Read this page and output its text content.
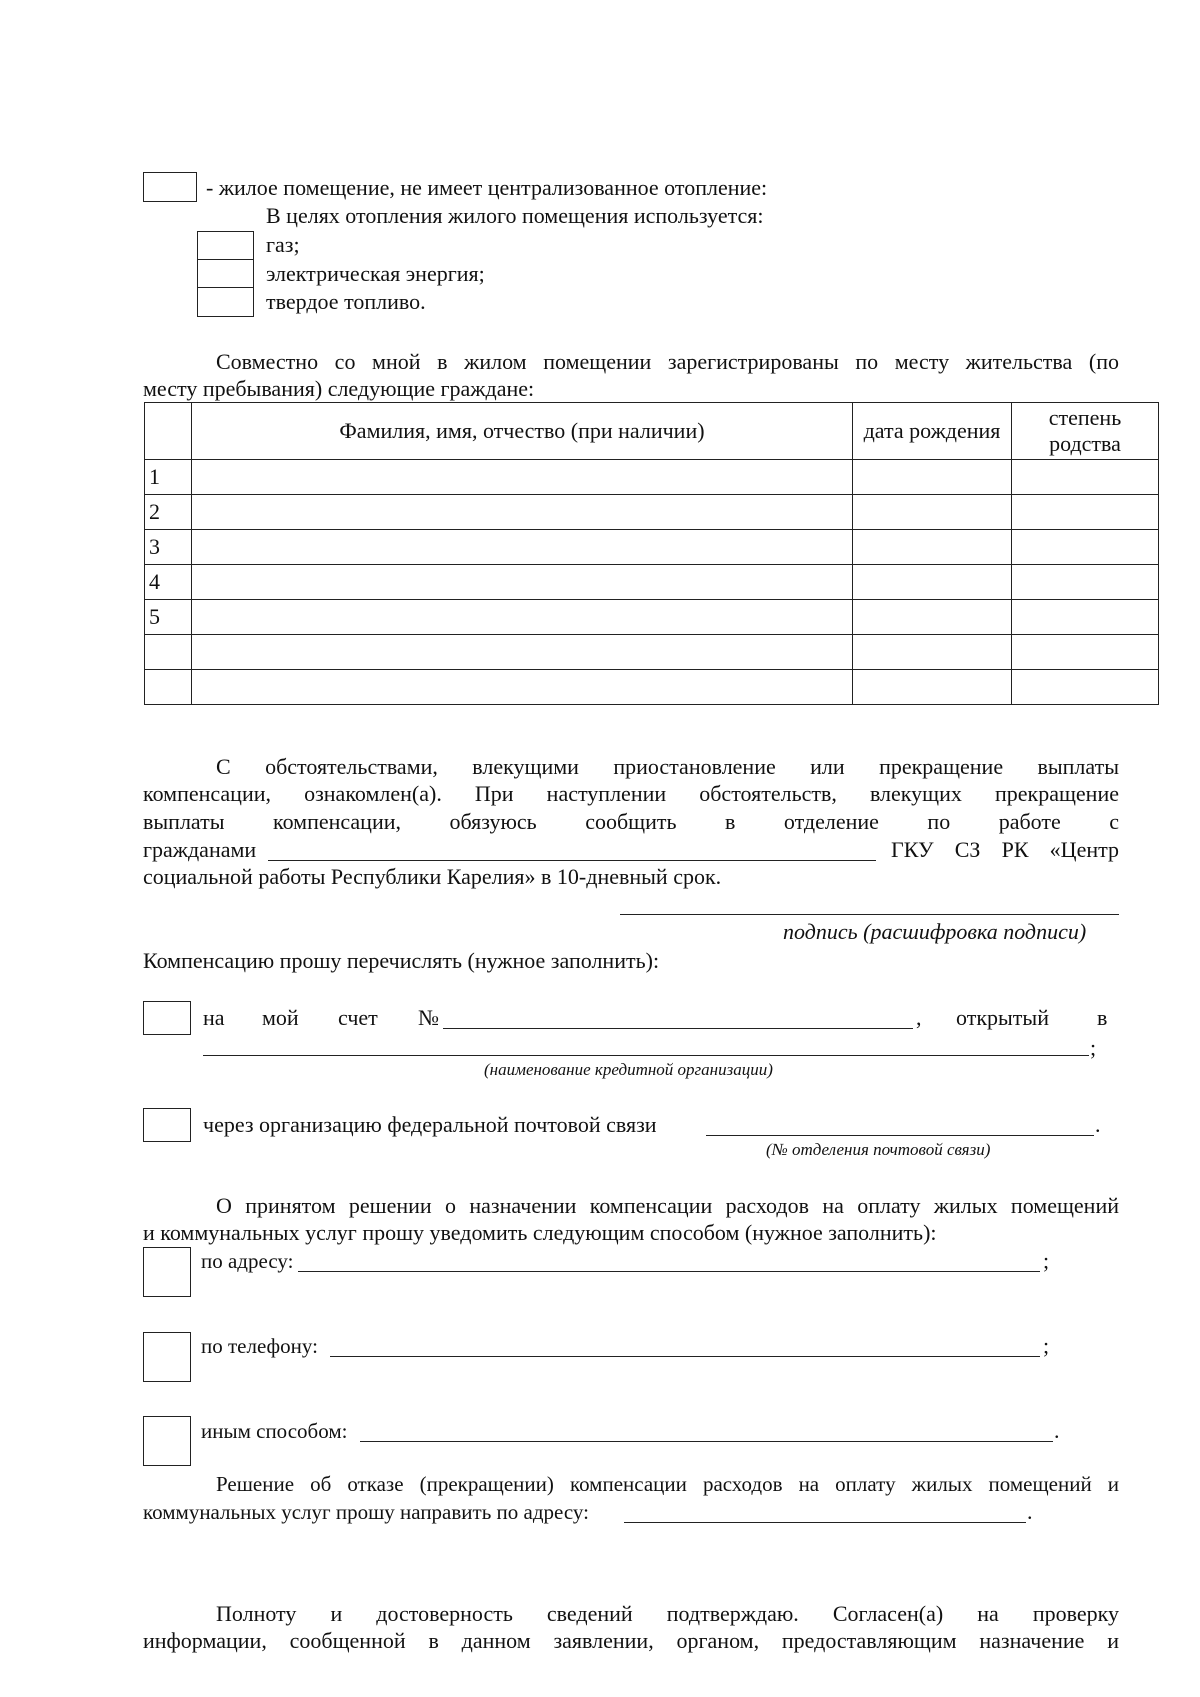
- жилое помещение, не имеет централизованное отопление:
В целях отопления жилого помещения используется:
газ;
электрическая энергия;
твердое топливо.
Совместно со мной в жилом помещении зарегистрированы по месту жительства (по
месту пребывания) следующие граждане:
	Фамилия, имя, отчество (при наличии)	дата рождения	степень родства
1			
2			
3			
4			
5			

С обстоятельствами, влекущими приостановление или прекращение выплаты
компенсации, ознакомлен(а). При наступлении обстоятельств, влекущих прекращение
выплаты компенсации, обязуюсь сообщить в отделение по работе с
гражданами	ГКУ СЗ РК «Центр
социальной работы Республики Карелия» в 10-дневный срок.
подпись (расшифровка подписи)
Компенсацию прошу перечислять (нужное заполнить):
на мой счет №	, открытый в
;
(наименование кредитной организации)
через организацию федеральной почтовой связи	.
(№ отделения почтовой связи)
О принятом решении о назначении компенсации расходов на оплату жилых помещений
и коммунальных услуг прошу уведомить следующим способом (нужное заполнить):
по адресу:	;
по телефону:	;
иным способом:	.
Решение об отказе (прекращении) компенсации расходов на оплату жилых помещений и
коммунальных услуг прошу направить по адресу:	.
Полноту и достоверность сведений подтверждаю. Согласен(а) на проверку
информации, сообщенной в данном заявлении, органом, предоставляющим назначение и
